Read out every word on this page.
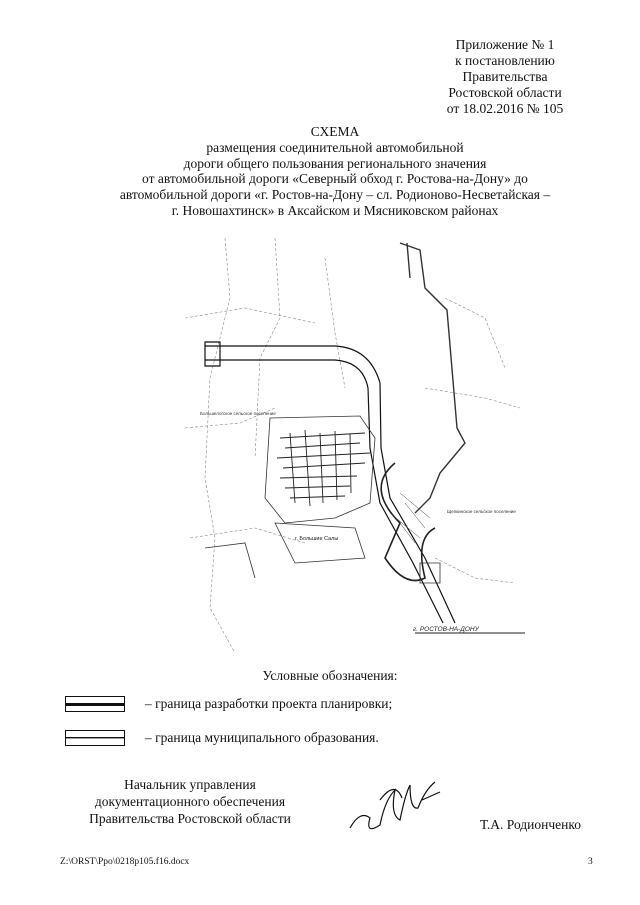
Приложение № 1
к постановлению
Правительства
Ростовской области
от 18.02.2016 № 105
СХЕМА
размещения соединительной автомобильной
дороги общего пользования регионального значения
от автомобильной дороги «Северный обход г. Ростова-на-Дону» до
автомобильной дороги «г. Ростов-на-Дону – сл. Родионово-Несветайская –
г. Новошахтинск» в Аксайском и Мясниковском районах
Большелогское сельское поселение
г. Большие Салы
Щепкинское сельское поселение
г. РОСТОВ-НА-ДОНУ
Условные обозначения:
– граница разработки проекта планировки;
– граница муниципального образования.
Начальник управления
документационного обеспечения
Правительства Ростовской области	Т.А. Родионченко
Z:\ORST\Ppo\0218p105.f16.docx	3
